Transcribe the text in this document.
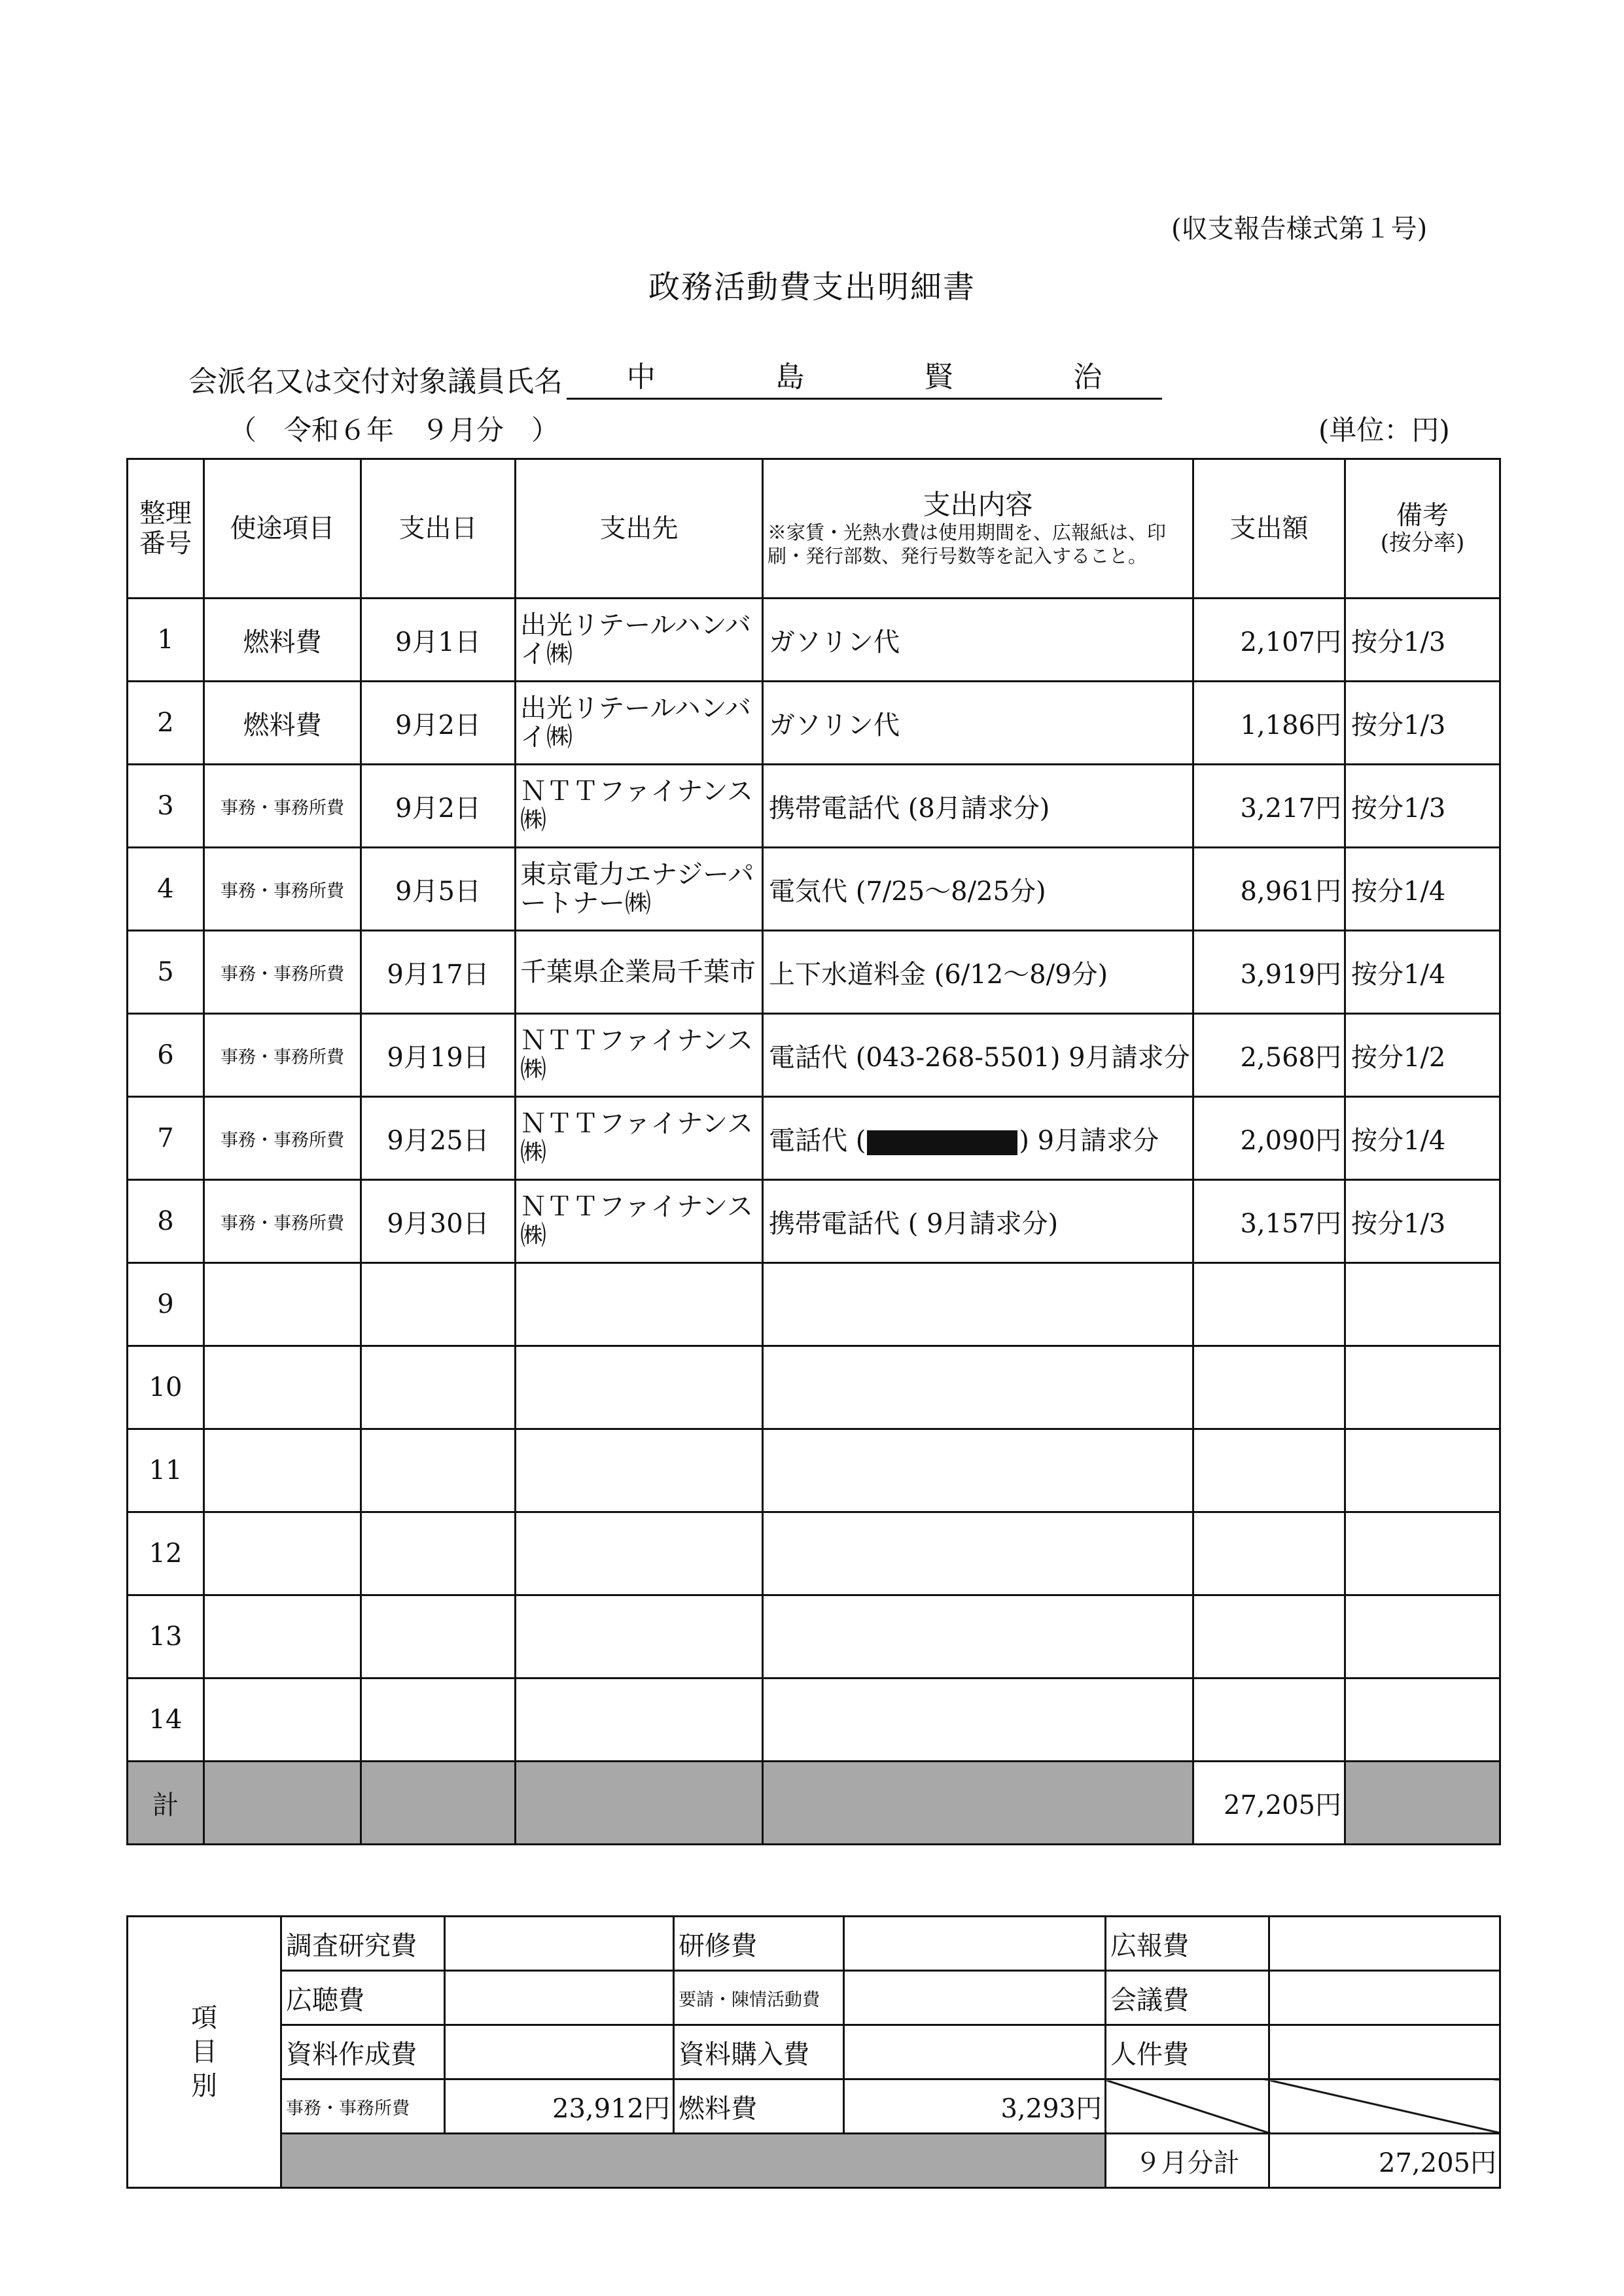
(収支報告様式第１号)
政務活動費支出明細書
会派名又は交付対象議員氏名 中	島	賢	治
（　令和６年　９月分　）	(単位：円)
整理番号	使途項目	支出日	支出先	支出内容
※家賃・光熱水費は使用期間を、広報紙は、印刷・発行部数、発行号数等を記入すること。	支出額	備考
(按分率)

1	燃料費	9月1日	出光リテールハンバイ㈱	ガソリン代	2,107円	按分1/3
2	燃料費	9月2日	出光リテールハンバイ㈱	ガソリン代	1,186円	按分1/3
3	事務・事務所費	9月2日	ＮＴＴファイナンス㈱	携帯電話代 (8月請求分)	3,217円	按分1/3
4	事務・事務所費	9月5日	東京電力エナジーパートナー㈱	電気代 (7/25～8/25分)	8,961円	按分1/4
5	事務・事務所費	9月17日	千葉県企業局千葉市	上下水道料金 (6/12～8/9分)	3,919円	按分1/4
6	事務・事務所費	9月19日	ＮＴＴファイナンス㈱	電話代 (043-268-5501) 9月請求分	2,568円	按分1/2
7	事務・事務所費	9月25日	ＮＴＴファイナンス㈱	電話代 ( ) 9月請求分	2,090円	按分1/4
8	事務・事務所費	9月30日	ＮＴＴファイナンス㈱	携帯電話代 ( 9月請求分)	3,157円	按分1/3
9						
10						
11						
12						
13						
14						
計					27,205円	
項目別	調査研究費		研修費		広報費	
	広聴費		要請・陳情活動費		会議費	
	資料作成費		資料購入費		人件費	
	事務・事務所費	23,912円	燃料費	3,293円		
					９月分計	27,205円
